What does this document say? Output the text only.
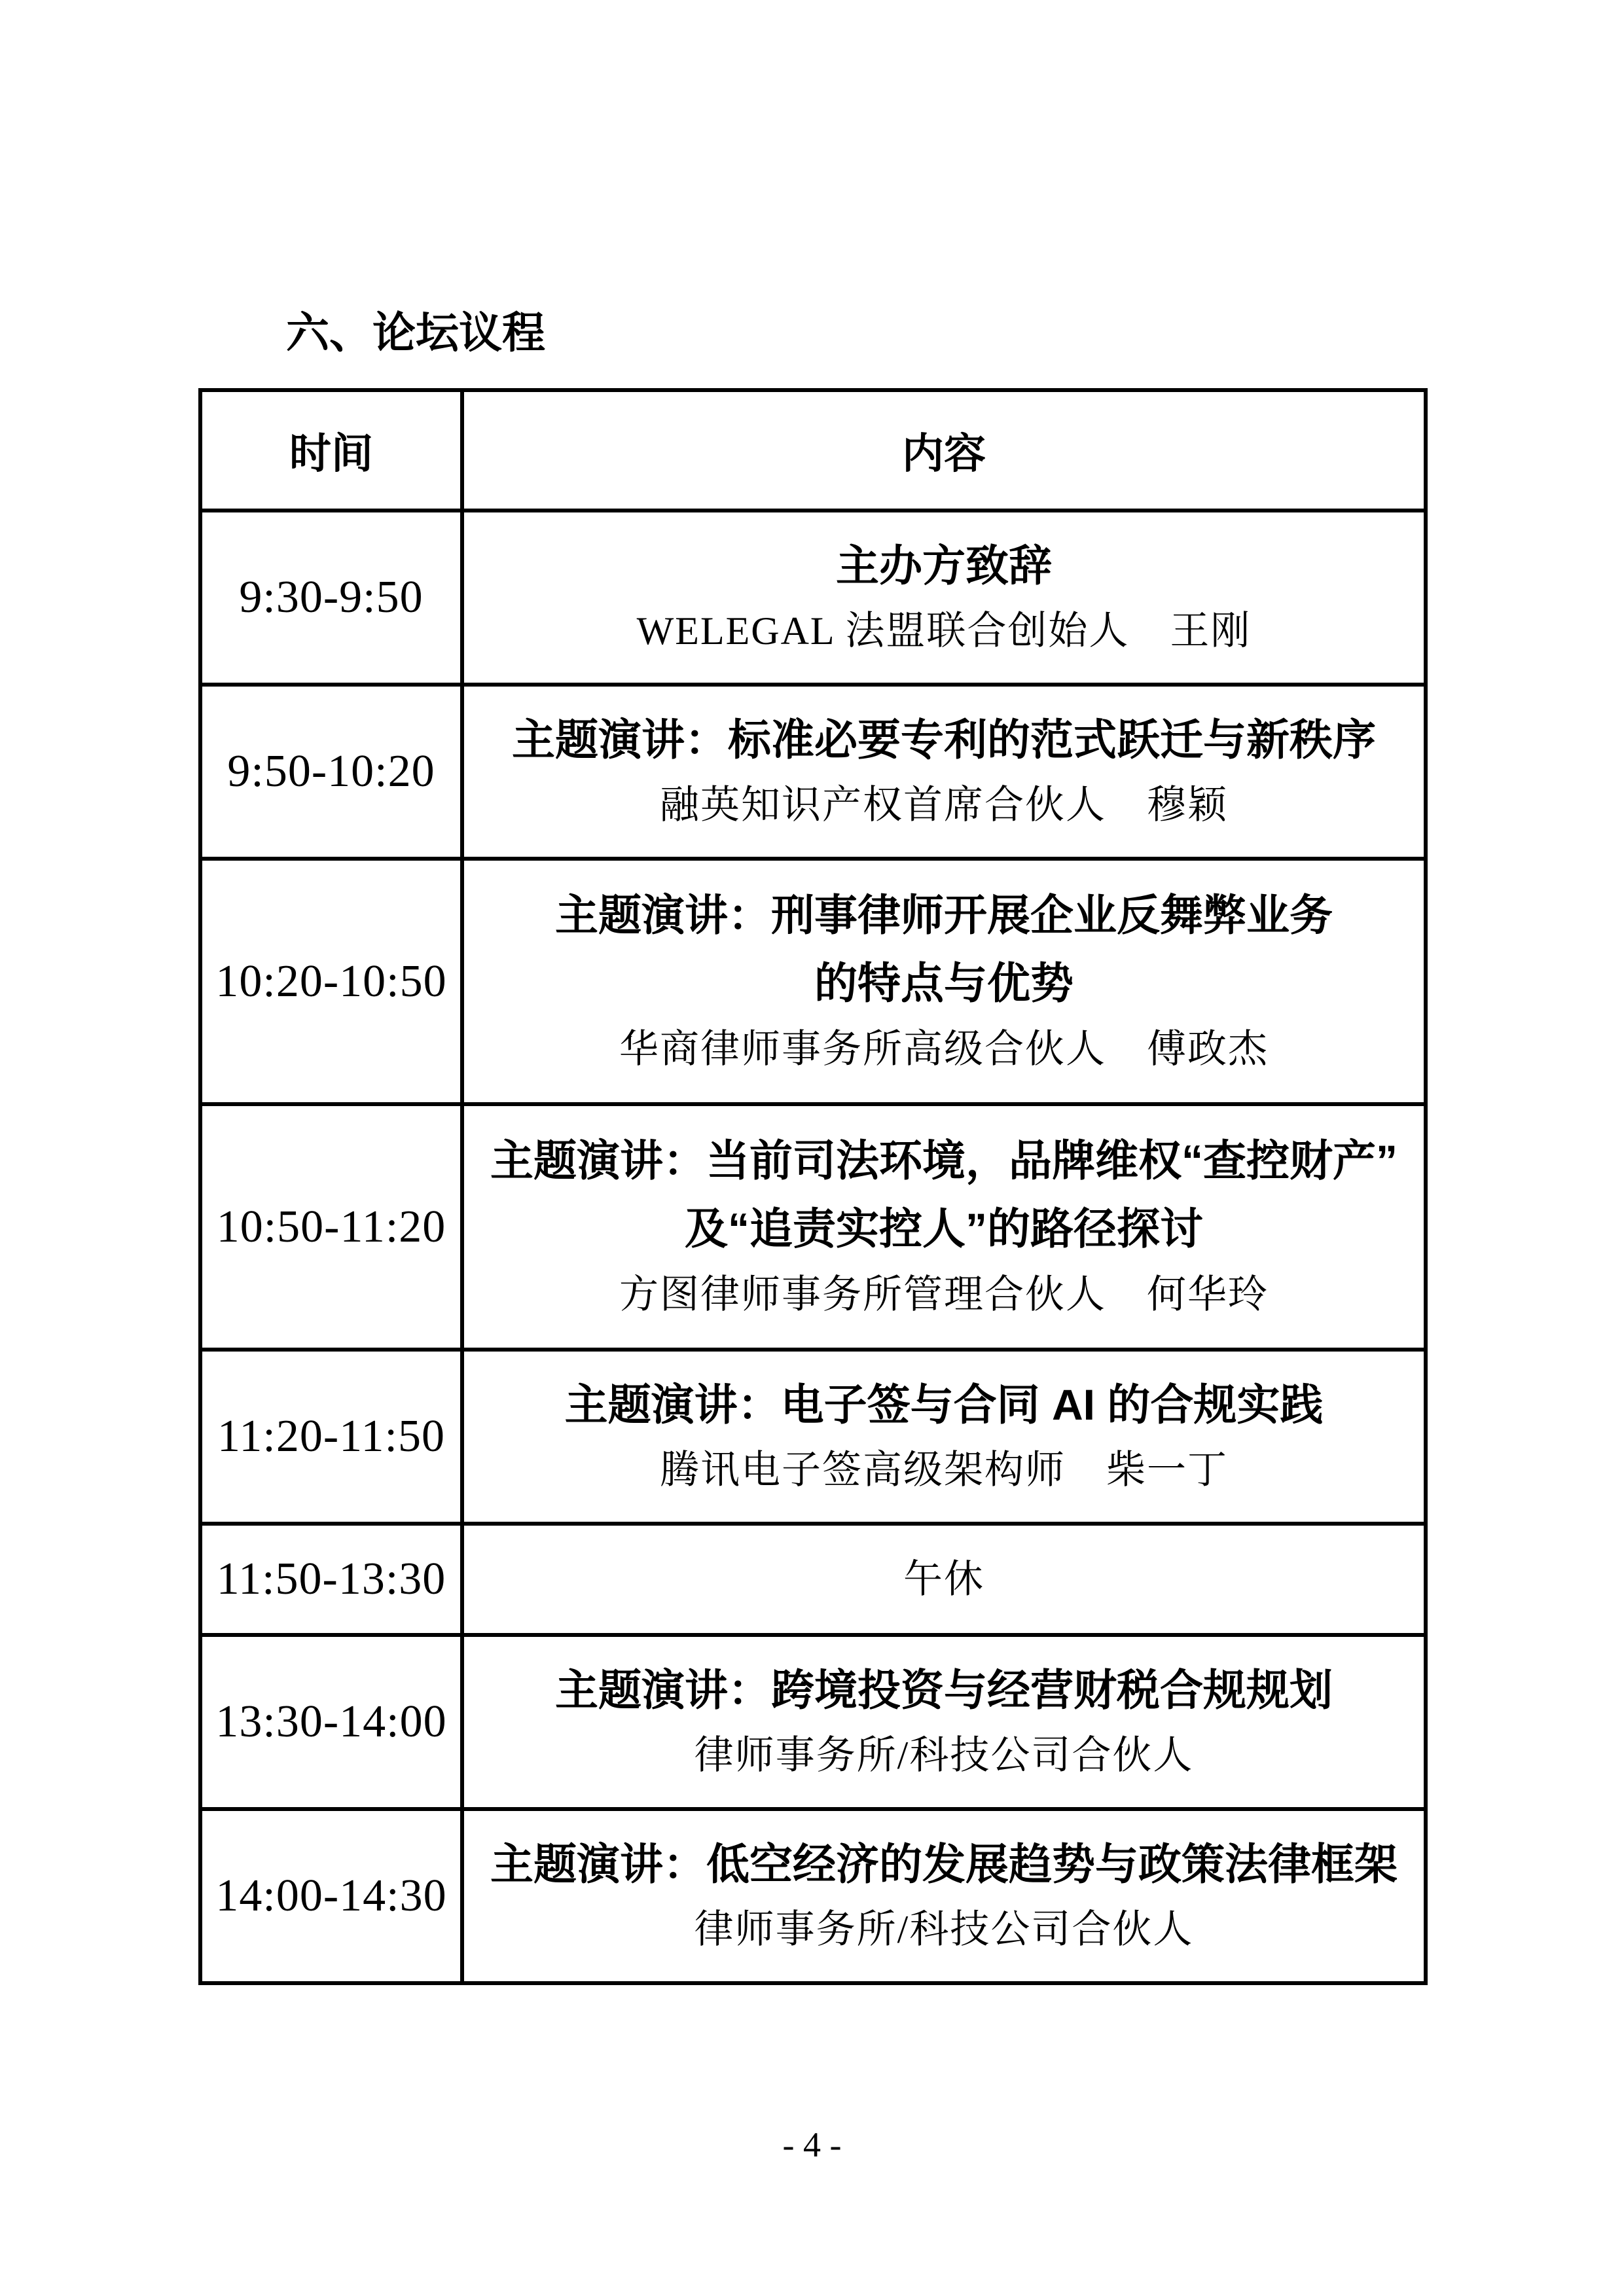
六、论坛议程
时间	内容
9:30-9:50	主办方致辞
WELEGAL 法盟联合创始人　王刚

9:50-10:20	主题演讲：标准必要专利的范式跃迁与新秩序
融英知识产权首席合伙人　穆颖

10:20-10:50	主题演讲：刑事律师开展企业反舞弊业务
的特点与优势
华商律师事务所高级合伙人　傅政杰

10:50-11:20	主题演讲：当前司法环境，品牌维权“查控财产”
及“追责实控人”的路径探讨
方图律师事务所管理合伙人　何华玲

11:20-11:50	主题演讲：电子签与合同 AI 的合规实践
腾讯电子签高级架构师　柴一丁

11:50-13:30	午休

13:30-14:00	主题演讲：跨境投资与经营财税合规规划
律师事务所/科技公司合伙人

14:00-14:30	主题演讲：低空经济的发展趋势与政策法律框架
律师事务所/科技公司合伙人
- 4 -
